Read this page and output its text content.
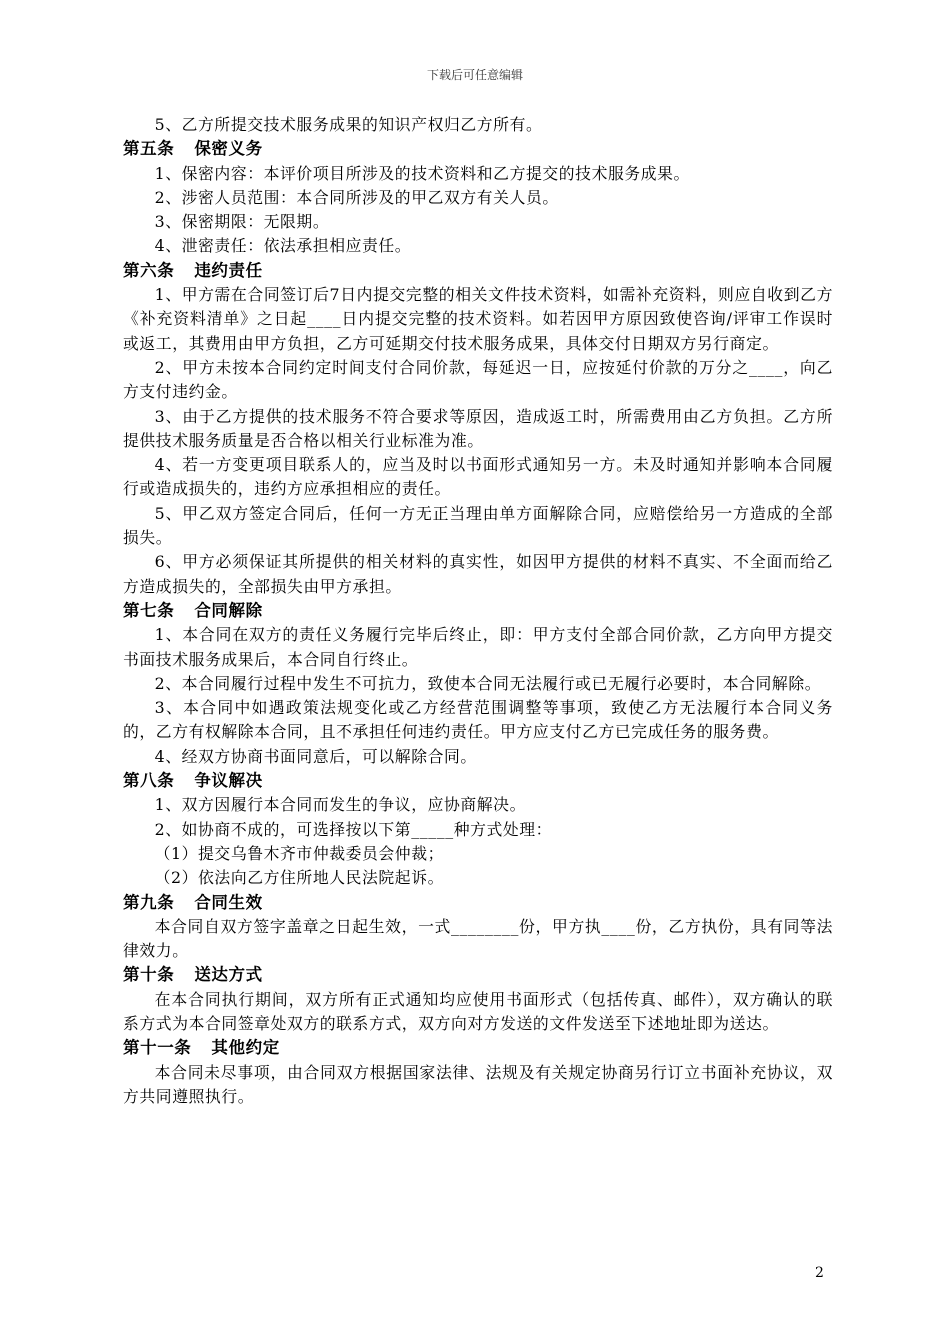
下载后可任意编辑
5、乙方所提交技术服务成果的知识产权归乙方所有。
第五条 保密义务
1、保密内容：本评价项目所涉及的技术资料和乙方提交的技术服务成果。
2、涉密人员范围：本合同所涉及的甲乙双方有关人员。
3、保密期限：无限期。
4、泄密责任：依法承担相应责任。
第六条 违约责任
1、甲方需在合同签订后7日内提交完整的相关文件技术资料，如需补充资料，则应自收到乙方《补充资料清单》之日起____日内提交完整的技术资料。如若因甲方原因致使咨询/评审工作误时或返工，其费用由甲方负担，乙方可延期交付技术服务成果，具体交付日期双方另行商定。
2、甲方未按本合同约定时间支付合同价款，每延迟一日，应按延付价款的万分之____，向乙方支付违约金。
3、由于乙方提供的技术服务不符合要求等原因，造成返工时，所需费用由乙方负担。乙方所提供技术服务质量是否合格以相关行业标准为准。
4、若一方变更项目联系人的，应当及时以书面形式通知另一方。未及时通知并影响本合同履行或造成损失的，违约方应承担相应的责任。
5、甲乙双方签定合同后，任何一方无正当理由单方面解除合同，应赔偿给另一方造成的全部损失。
6、甲方必须保证其所提供的相关材料的真实性，如因甲方提供的材料不真实、不全面而给乙方造成损失的，全部损失由甲方承担。
第七条 合同解除
1、本合同在双方的责任义务履行完毕后终止，即：甲方支付全部合同价款，乙方向甲方提交书面技术服务成果后，本合同自行终止。
2、本合同履行过程中发生不可抗力，致使本合同无法履行或已无履行必要时，本合同解除。
3、本合同中如遇政策法规变化或乙方经营范围调整等事项，致使乙方无法履行本合同义务的，乙方有权解除本合同，且不承担任何违约责任。甲方应支付乙方已完成任务的服务费。
4、经双方协商书面同意后，可以解除合同。
第八条 争议解决
1、双方因履行本合同而发生的争议，应协商解决。
2、如协商不成的，可选择按以下第_____种方式处理：
（1）提交乌鲁木齐市仲裁委员会仲裁；
（2）依法向乙方住所地人民法院起诉。
第九条 合同生效
本合同自双方签字盖章之日起生效，一式________份，甲方执____份，乙方执份，具有同等法律效力。
第十条 送达方式
在本合同执行期间，双方所有正式通知均应使用书面形式（包括传真、邮件），双方确认的联系方式为本合同签章处双方的联系方式，双方向对方发送的文件发送至下述地址即为送达。
第十一条 其他约定
本合同未尽事项，由合同双方根据国家法律、法规及有关规定协商另行订立书面补充协议，双方共同遵照执行。
2
